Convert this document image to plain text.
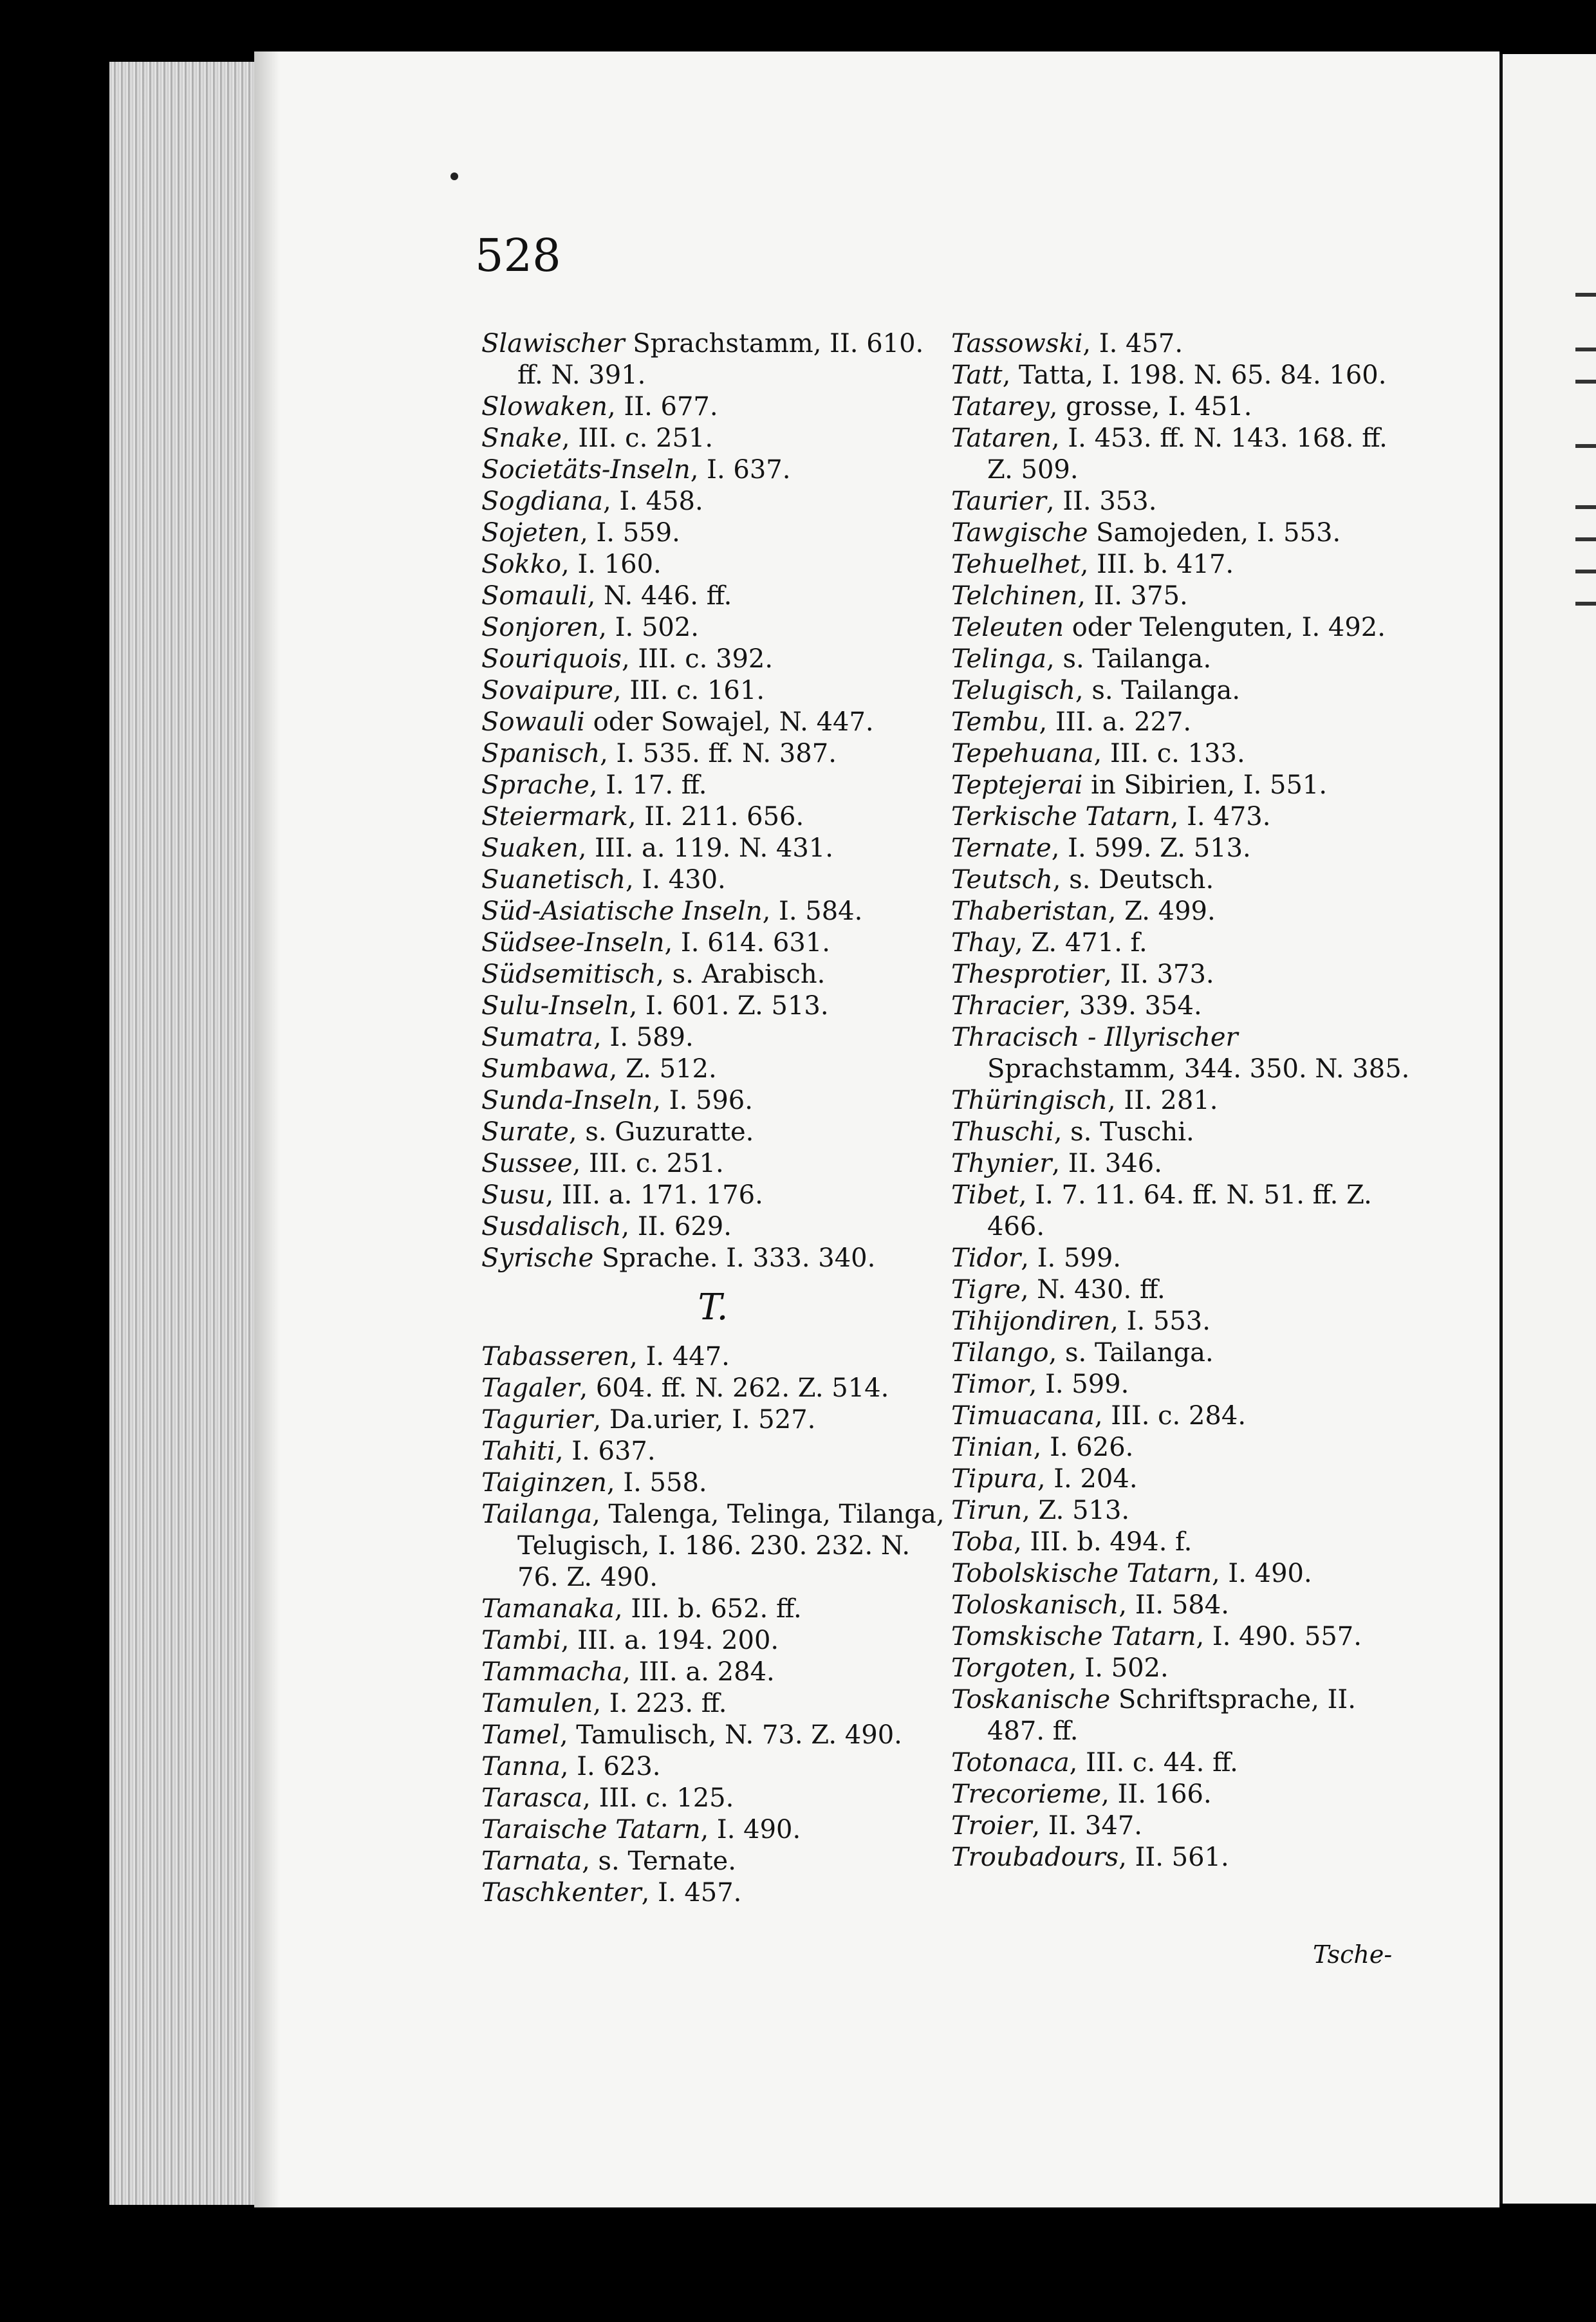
528
Slawischer Sprachstamm, II. 610. ff. N. 391.
Slowaken, II. 677.
Snake, III. c. 251.
Societäts-Inseln, I. 637.
Sogdiana, I. 458.
Sojeten, I. 559.
Sokko, I. 160.
Somauli, N. 446. ff.
Sonjoren, I. 502.
Souriquois, III. c. 392.
Sovaipure, III. c. 161.
Sowauli oder Sowajel, N. 447.
Spanisch, I. 535. ff. N. 387.
Sprache, I. 17. ff.
Steiermark, II. 211. 656.
Suaken, III. a. 119. N. 431.
Suanetisch, I. 430.
Süd-Asiatische Inseln, I. 584.
Südsee-Inseln, I. 614. 631.
Südsemitisch, s. Arabisch.
Sulu-Inseln, I. 601. Z. 513.
Sumatra, I. 589.
Sumbawa, Z. 512.
Sunda-Inseln, I. 596.
Surate, s. Guzuratte.
Sussee, III. c. 251.
Susu, III. a. 171. 176.
Susdalisch, II. 629.
Syrische Sprache. I. 333. 340.
T.
Tabasseren, I. 447.
Tagaler, 604. ff. N. 262. Z. 514.
Tagurier, Da.urier, I. 527.
Tahiti, I. 637.
Taiginzen, I. 558.
Tailanga, Talenga, Telinga, Tilanga, Telugisch, I. 186. 230. 232. N. 76. Z. 490.
Tamanaka, III. b. 652. ff.
Tambi, III. a. 194. 200.
Tammacha, III. a. 284.
Tamulen, I. 223. ff.
Tamel, Tamulisch, N. 73. Z. 490.
Tanna, I. 623.
Tarasca, III. c. 125.
Taraische Tatarn, I. 490.
Tarnata, s. Ternate.
Taschkenter, I. 457.
Tassowski, I. 457.
Tatt, Tatta, I. 198. N. 65. 84. 160.
Tatarey, grosse, I. 451.
Tataren, I. 453. ff. N. 143. 168. ff. Z. 509.
Taurier, II. 353.
Tawgische Samojeden, I. 553.
Tehuelhet, III. b. 417.
Telchinen, II. 375.
Teleuten oder Telenguten, I. 492.
Telinga, s. Tailanga.
Telugisch, s. Tailanga.
Tembu, III. a. 227.
Tepehuana, III. c. 133.
Teptejerai in Sibirien, I. 551.
Terkische Tatarn, I. 473.
Ternate, I. 599. Z. 513.
Teutsch, s. Deutsch.
Thaberistan, Z. 499.
Thay, Z. 471. f.
Thesprotier, II. 373.
Thracier, 339. 354.
Thracisch - Illyrischer Sprachstamm, 344. 350. N. 385.
Thüringisch, II. 281.
Thuschi, s. Tuschi.
Thynier, II. 346.
Tibet, I. 7. 11. 64. ff. N. 51. ff. Z. 466.
Tidor, I. 599.
Tigre, N. 430. ff.
Tihijondiren, I. 553.
Tilango, s. Tailanga.
Timor, I. 599.
Timuacana, III. c. 284.
Tinian, I. 626.
Tipura, I. 204.
Tirun, Z. 513.
Toba, III. b. 494. f.
Tobolskische Tatarn, I. 490.
Toloskanisch, II. 584.
Tomskische Tatarn, I. 490. 557.
Torgoten, I. 502.
Toskanische Schriftsprache, II. 487. ff.
Totonaca, III. c. 44. ff.
Trecorieme, II. 166.
Troier, II. 347.
Troubadours, II. 561.
Tsche-
